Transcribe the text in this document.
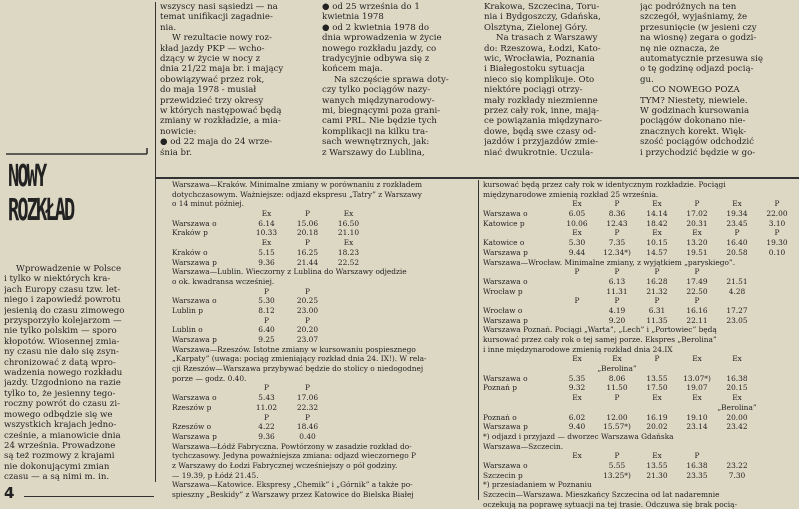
Wprowadzenie w Polsce

i tylko w niektórych kra-

jach Europy czasu tzw. let-

niego i zapowiedź powrotu

jesienią do czasu zimowego

przysporzyło kolejarzom —

nie tylko polskim — sporo

kłopotów. Wiosennej zmia-

ny czasu nie dało się zsyn-

chronizować z datą wpro-

wadzenia nowego rozkładu

jazdy. Uzgodniono na razie

tylko to, że jesienny tego-

roczny powrót do czasu zi-

mowego odbędzie się we

wszystkich krajach jedno-

cześnie, a mianowicie dnia

24 września. Prowadzone

są też rozmowy z krajami

nie dokonującymi zmian

czasu — a są nimi m. in.

wszyscy nasi sąsiedzi — na

temat unifikacji zagadnie-

nia.

W rezultacie nowy roz-

kład jazdy PKP — wcho-

dzący w życie w nocy z

dnia 21/22 maja br. i mający

obowiązywać przez rok,

do maja 1978 - musiał

przewidzieć trzy okresy

w których następować będą

zmiany w rozkładzie, a mia-

nowicie:

● od 22 maja do 24 wrze-

śnia br.

● od 25 września do 1

kwietnia 1978

● od 2 kwietnia 1978 do

dnia wprowadzenia w życie

nowego rozkładu jazdy, co

tradycyjnie odbywa się z

końcem maja.

Na szczęście sprawa doty-

czy tylko pociągów nazy-

wanych międzynarodowy-

mi, biegnącymi poza grani-

cami PRL. Nie będzie tych

komplikacji na kilku tra-

sach wewnętrznych, jak:

z Warszawy do Lublina,

Krakowa, Szczecina, Toru-

nia i Bydgoszczy, Gdańska,

Olsztyna, Zielonej Góry.

Na trasach z Warszawy

do: Rzeszowa, Łodzi, Kato-

wic, Wrocławia, Poznania

i Białegostoku sytuacja

nieco się komplikuje. Oto

niektóre pociągi otrzy-

mały rozkłady niezmienne

przez cały rok, inne, mają-

ce powiązania międzynaro-

dowe, będą swe czasy od-

jazdów i przyjazdów zmie-

niać dwukrotnie. Uczula-

jąc podróżnych na ten

szczegół, wyjaśniamy, że

przesunięcie (w jesieni czy

na wiosnę) zegara o godzi-

nę nie oznacza, że

automatycznie przesuwa się

o tę godzinę odjazd pocią-

gu.

CO NOWEGO POZA

TYM? Niestety, niewiele.

W godzinach kursowania

pociągów dokonano nie-

znacznych korekt. Więk-

szość pociągów odchodzić

i przychodzić będzie w go-

NOWY
ROZKŁAD
Warszawa—Kraków. Minimalne zmiany w porównaniu z rozkładem
dotychczasowym. Ważniejsze: odjazd ekspresu „Tatry” z Warszawy
o 14 minut później.
Ex	P	Ex
Warszawa o	6.14	15.06	16.50
Kraków p	10.33	20.18	21.10
Ex	P	Ex
Kraków o	5.15	16.25	18.23
Warszawa p	9.36	21.44	22.52
Warszawa—Lublin. Wieczorny z Lublina do Warszawy odjedzie
o ok. kwadransa wcześniej.
P	P
Warszawa o	5.30	20.25
Lublin p	8.12	23.00
P	P
Lublin o	6.40	20.20
Warszawa p	9.25	23.07
Warszawa—Rzeszów. Istotne zmiany w kursowaniu pospiesznego
„Karpaty” (uwaga: pociąg zmieniający rozkład dnia 24. IX!). W rela-
cji Rzeszów—Warszawa przybywać będzie do stolicy o niedogodnej
porze — godz. 0.40.
P	P
Warszawa o	5.43	17.06
Rzeszów p	11.02	22.32
P	P
Rzeszów o	4.22	18.46
Warszawa p	9.36	0.40
Warszawa—Łódź Fabryczna. Powtórzony w zasadzie rozkład do-
tychczasowy. Jedyna poważniejsza zmiana: odjazd wieczornego P
z Warszawy do Łodzi Fabrycznej wcześniejszy o pół godziny.
— 19.39, p Łódź 21.45.
Warszawa—Katowice. Ekspresy „Chemik” i „Górnik” a także po-
spieszny „Beskidy” z Warszawy przez Katowice do Bielska Białej
kursować będą przez cały rok w identycznym rozkładzie. Pociągi
międzynarodowe zmienią rozkład 25 września.
Ex	P	Ex	P	Ex	P
Warszawa o	6.05	8.36	14.14	17.02	19.34	22.00
Katowice p	10.06	12.43	18.42	20.31	23.45	3.10
Ex	P	Ex	Ex	P	P
Katowice o	5.30	7.35	10.15	13.20	16.40	19.30
Warszawa p	9.44	12.34*)	14.57	19.51	20.58	0.10
Warszawa—Wrocław. Minimalne zmiany, z wyjątkiem „paryskiego”.
P	P	P	P
Warszawa o	6.13	16.28	17.49	21.51
Wrocław p	11.31	21.32	22.50	4.28
P	P	P	P
Wrocław o	4.19	6.31	16.16	17.27
Warszawa p	9.20	11.35	22.11	23.05
Warszawa Poznań. Pociągi „Warta”, „Lech” i „Portowiec” będą
kursować przez cały rok o tej samej porze. Ekspres „Berolina”
i inne międzynarodowe zmienią rozkład dnia 24.IX
Ex	Ex	P	Ex	Ex
„Berolina”
Warszawa o	5.35	8.06	13.55	13.07*)	16.38
Poznań p	9.32	11.50	17.50	19.07	20.15
Ex	P	Ex	Ex	Ex
„Berolina”
Poznań o	6.02	12.00	16.19	19.10	20.00
Warszawa p	9.40	15.57*)	20.02	23.14	23.42
*) odjazd i przyjazd — dworzec Warszawa Gdańska
Warszawa—Szczecin.
Ex	P	Ex	P
Warszawa o	5.55	13.55	16.38	23.22
Szczecin p	13.25*)	21.30	23.35	7.30
*) przesiadaniem w Poznaniu
Szczecin—Warszawa. Mieszkańcy Szczecina od lat nadaremnie
oczekują na poprawę sytuacji na tej trasie. Odczuwa się brak pocią-
4
